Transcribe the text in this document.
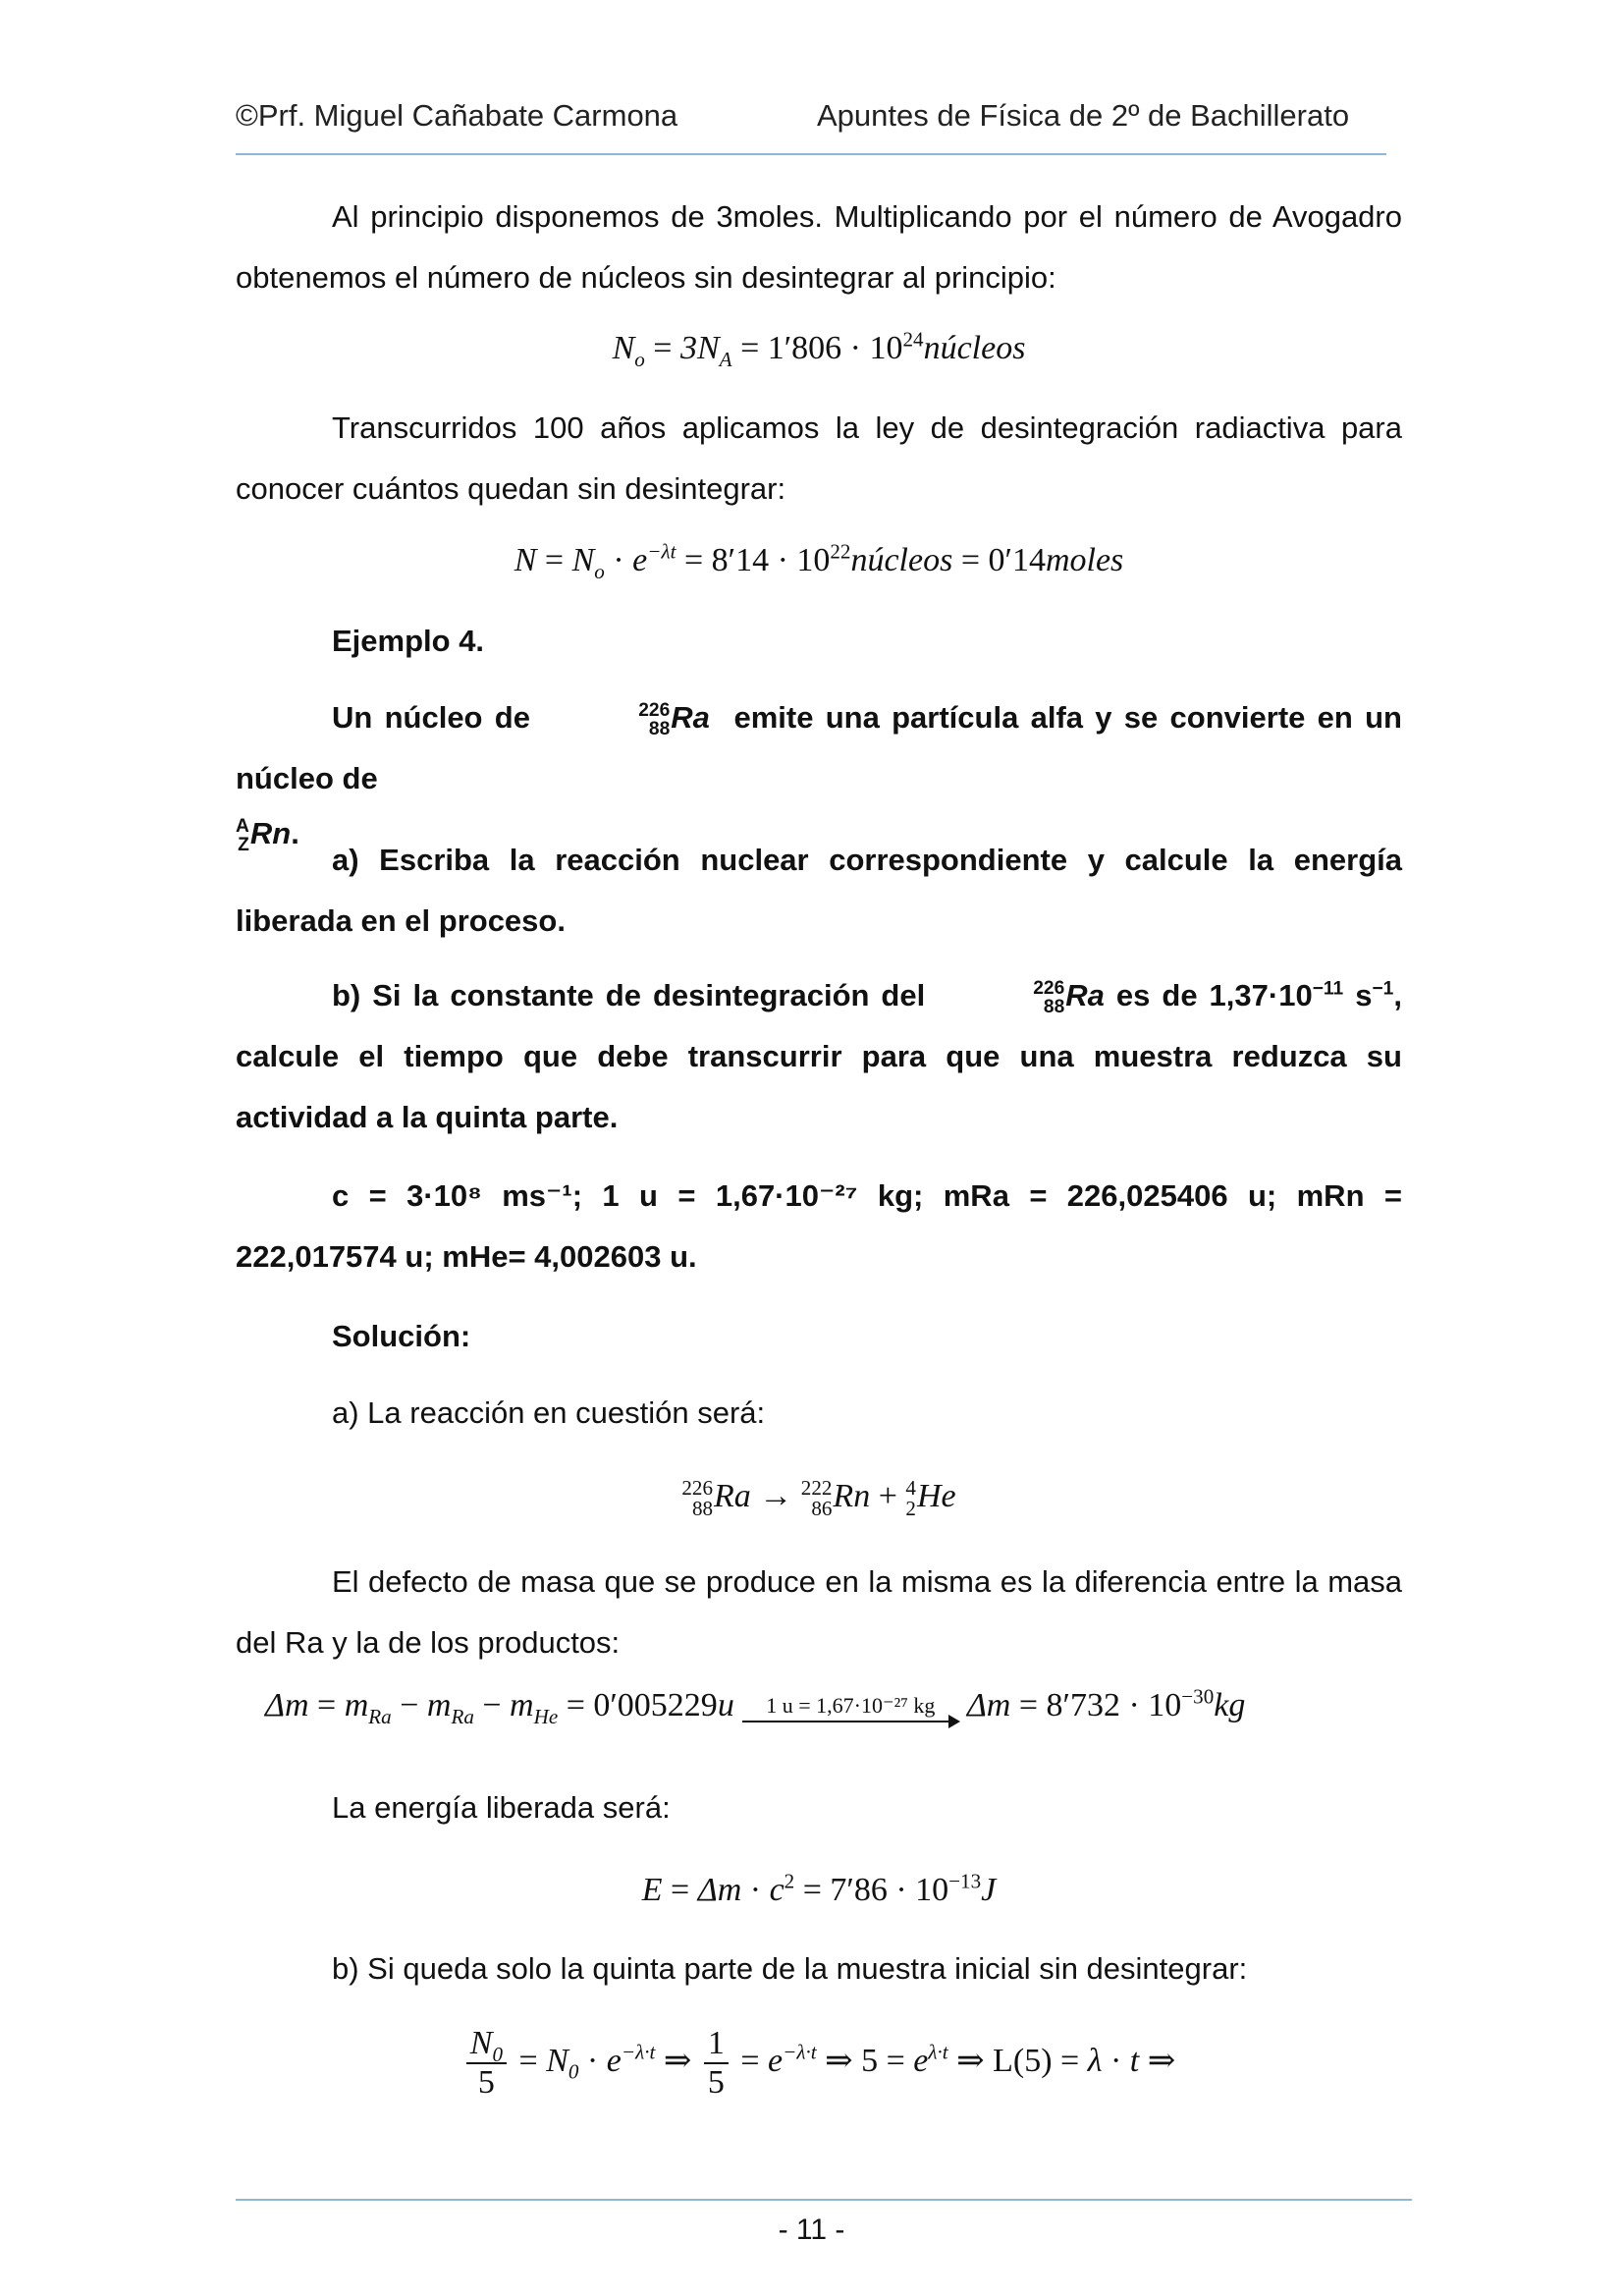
©Prf. Miguel Cañabate Carmona	Apuntes de Física de 2º de Bachillerato

Al principio disponemos de 3moles. Multiplicando por el número de Avogadro obtenemos el número de núcleos sin desintegrar al principio:

$N_o = 3N_A = 1'806$ · $10^{24}núcleos$

Transcurridos 100 años aplicamos la ley de desintegración radiactiva para conocer cuántos quedan sin desintegrar:

$N = N_o \cdot e^{-\lambda t} = 8'14$ · $10^{22}núcleos$ = 0′14moles

Ejemplo 4.

Un núcleo de	226
88 Ra emite una partícula alfa y se convierte en un núcleo de

A
Z Rn.

a) Escriba la reacción nuclear correspondiente y calcule la energía liberada en el proceso.

b) Si la constante de desintegración del	226
88 Ra es de $1,37\cdot 10^{-11}$ $s^{-1}$, calcule el tiempo que debe transcurrir para que una muestra reduzca su actividad a la quinta parte.

c = 3·10⁸ ms⁻¹; 1 u = 1,67·10⁻²⁷ kg; mRa = 226,025406 u; mRn = 222,017574 u; mHe= 4,002603 u.

Solución:

a) La reacción en cuestión será:

226
88 Ra → 222
86 Rn + 4
2 He

El defecto de masa que se produce en la misma es la diferencia entre la masa del Ra y la de los productos:

$\Delta m = m_{Ra} - m_{Ra} - m_{He} = 0'005229u$	1 u = 1,67·10⁻²⁷ kg $\Delta m = 8'732 \cdot 10^{-30}kg$

La energía liberada será:

$E = \Delta m \cdot c^2 = 7'86 \cdot 10^{-13}J$

b) Si queda solo la quinta parte de la muestra inicial sin desintegrar:

$\frac{N_0}{5} = N_0 \cdot e^{-\lambda\cdot t}$ ⇒ $\frac{1}{5} = e^{-\lambda\cdot t}$ ⇒ $5 = e^{\lambda\cdot t}$ ⇒ L(5) = λ · t ⇒
- 11 -
